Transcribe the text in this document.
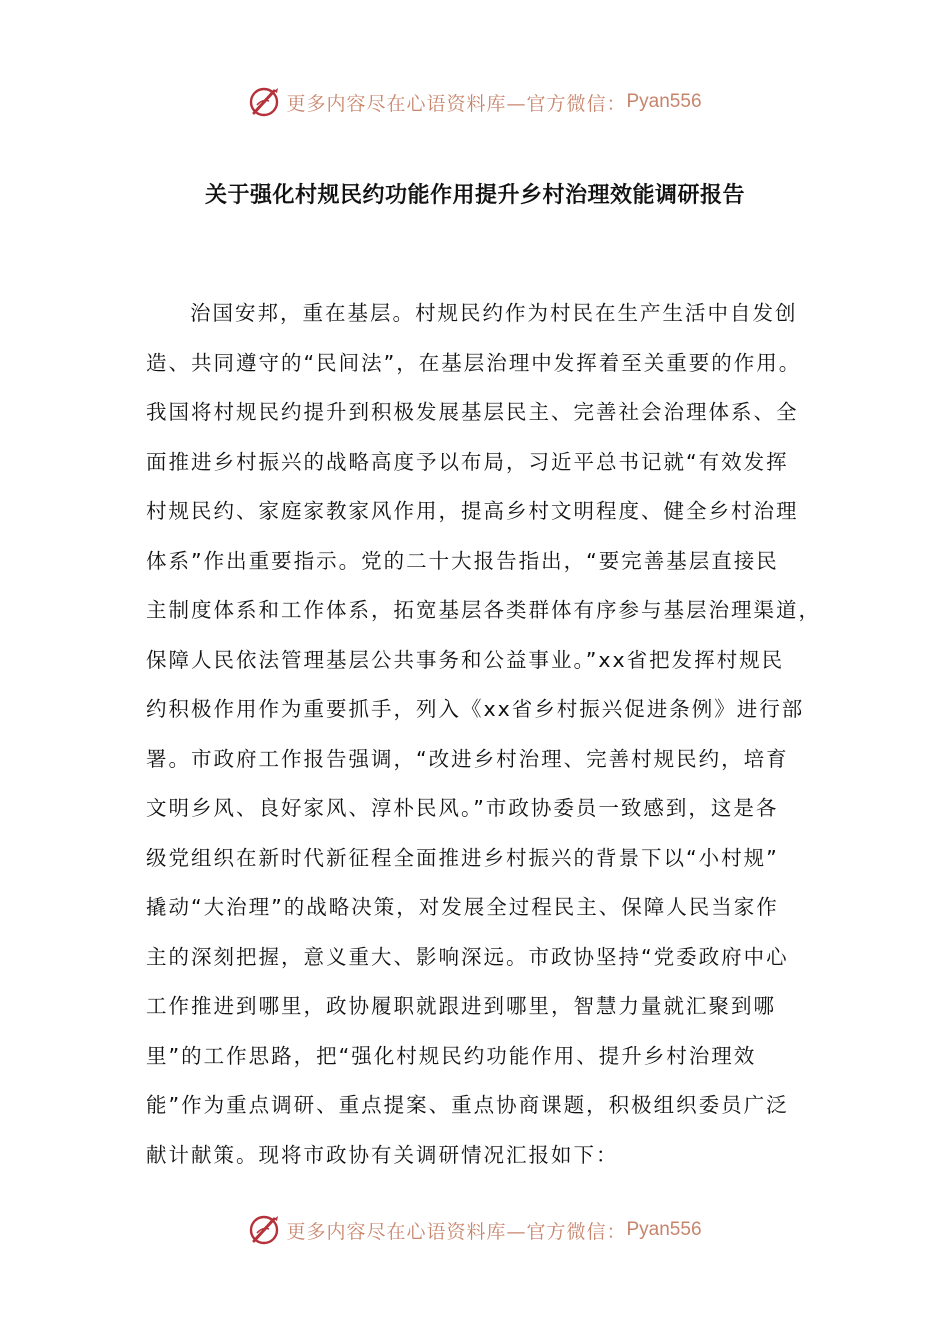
更多内容尽在心语资料库—官方微信： Pyan556
关于强化村规民约功能作用提升乡村治理效能调研报告
治国安邦，重在基层。村规民约作为村民在生产生活中自发创
造、共同遵守的“民间法”，在基层治理中发挥着至关重要的作用。
我国将村规民约提升到积极发展基层民主、完善社会治理体系、全
面推进乡村振兴的战略高度予以布局，习近平总书记就“有效发挥
村规民约、家庭家教家风作用，提高乡村文明程度、健全乡村治理
体系”作出重要指示。党的二十大报告指出，“要完善基层直接民
主制度体系和工作体系，拓宽基层各类群体有序参与基层治理渠道，
保障人民依法管理基层公共事务和公益事业。”xx省把发挥村规民
约积极作用作为重要抓手，列入《xx省乡村振兴促进条例》进行部
署。市政府工作报告强调，“改进乡村治理、完善村规民约，培育
文明乡风、良好家风、淳朴民风。”市政协委员一致感到，这是各
级党组织在新时代新征程全面推进乡村振兴的背景下以“小村规”
撬动“大治理”的战略决策，对发展全过程民主、保障人民当家作
主的深刻把握，意义重大、影响深远。市政协坚持“党委政府中心
工作推进到哪里，政协履职就跟进到哪里，智慧力量就汇聚到哪
里”的工作思路，把“强化村规民约功能作用、提升乡村治理效
能”作为重点调研、重点提案、重点协商课题，积极组织委员广泛
献计献策。现将市政协有关调研情况汇报如下：
更多内容尽在心语资料库—官方微信： Pyan556
